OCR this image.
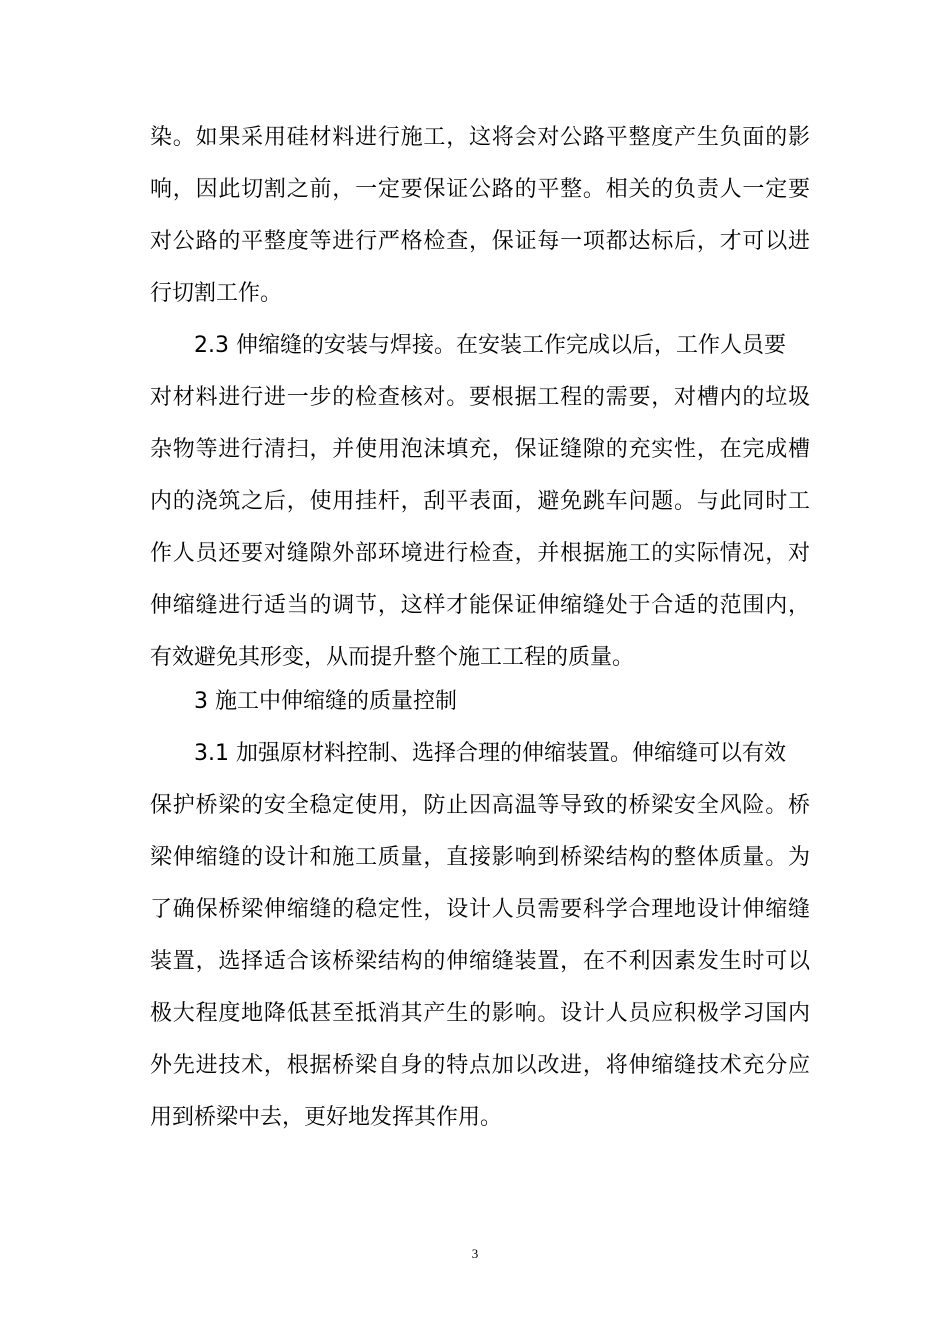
染。如果采用硅材料进行施工，这将会对公路平整度产生负面的影
响，因此切割之前，一定要保证公路的平整。相关的负责人一定要
对公路的平整度等进行严格检查，保证每一项都达标后，才可以进
行切割工作。
2.3 伸缩缝的安装与焊接。在安装工作完成以后，工作人员要
对材料进行进一步的检查核对。要根据工程的需要，对槽内的垃圾
杂物等进行清扫，并使用泡沫填充，保证缝隙的充实性，在完成槽
内的浇筑之后，使用挂杆，刮平表面，避免跳车问题。与此同时工
作人员还要对缝隙外部环境进行检查，并根据施工的实际情况，对
伸缩缝进行适当的调节，这样才能保证伸缩缝处于合适的范围内，
有效避免其形变，从而提升整个施工工程的质量。
3 施工中伸缩缝的质量控制
3.1 加强原材料控制、选择合理的伸缩装置。伸缩缝可以有效
保护桥梁的安全稳定使用，防止因高温等导致的桥梁安全风险。桥
梁伸缩缝的设计和施工质量，直接影响到桥梁结构的整体质量。为
了确保桥梁伸缩缝的稳定性，设计人员需要科学合理地设计伸缩缝
装置，选择适合该桥梁结构的伸缩缝装置，在不利因素发生时可以
极大程度地降低甚至抵消其产生的影响。设计人员应积极学习国内
外先进技术，根据桥梁自身的特点加以改进，将伸缩缝技术充分应
用到桥梁中去，更好地发挥其作用。
3
